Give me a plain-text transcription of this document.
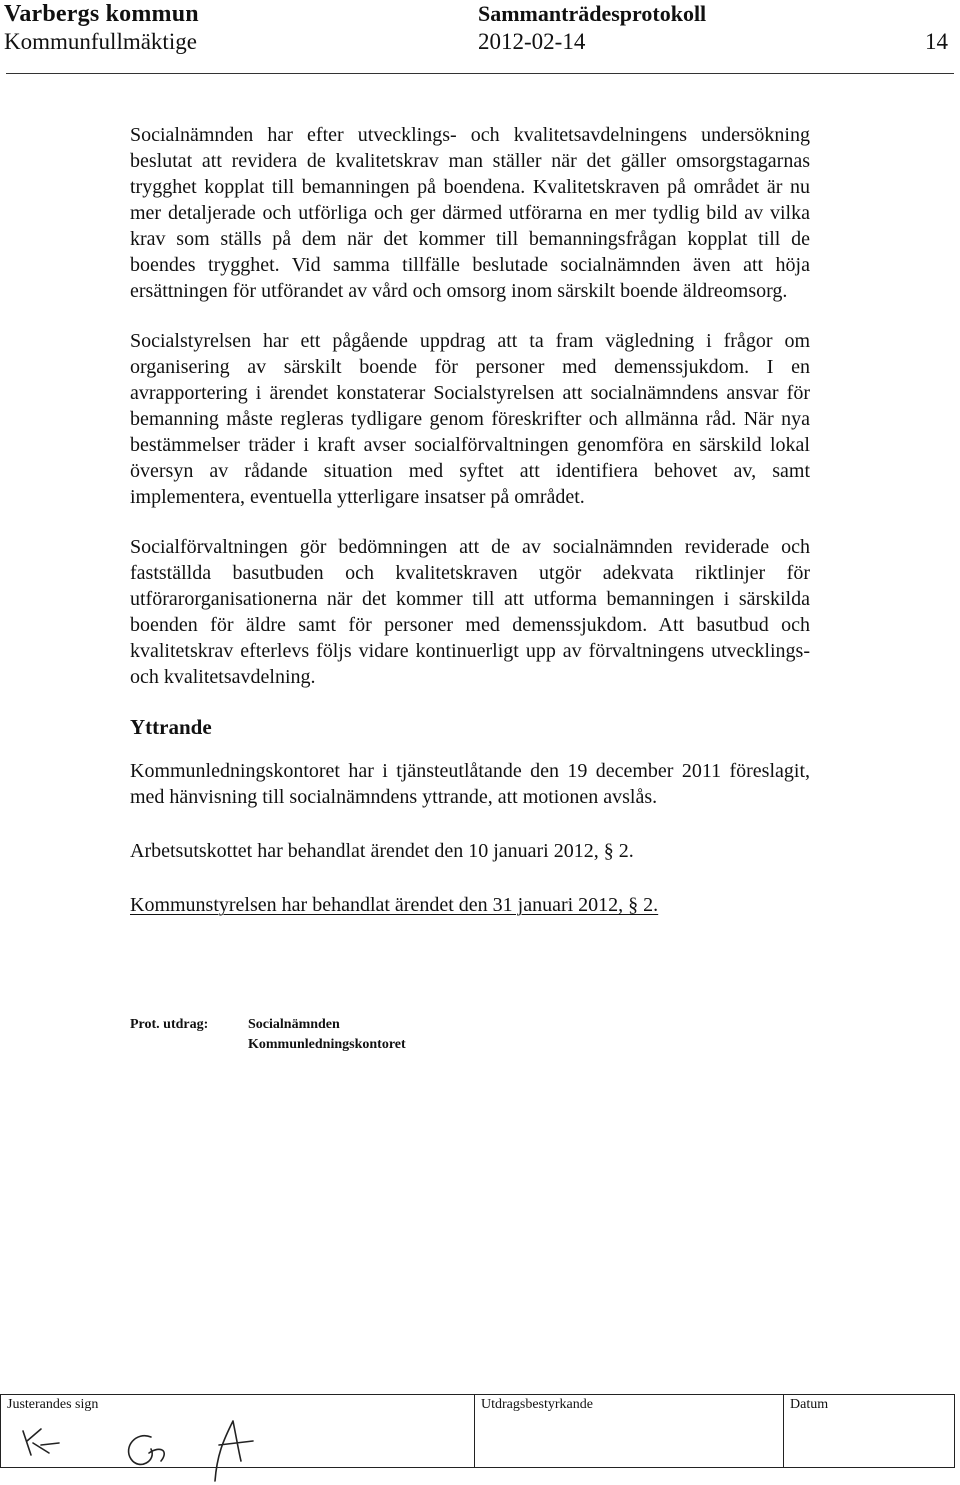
Varbergs kommun
Kommunfullmäktige
Sammanträdesprotokoll
2012-02-14	14

Socialnämnden har efter utvecklings- och kvalitetsavdelningens undersökning beslutat att revidera de kvalitetskrav man ställer när det gäller omsorgstagarnas trygghet kopplat till bemanningen på boendena. Kvalitetskraven på området är nu mer detaljerade och utförliga och ger därmed utförarna en mer tydlig bild av vilka krav som ställs på dem när det kommer till bemanningsfrågan kopplat till de boendes trygghet. Vid samma tillfälle beslutade socialnämnden även att höja ersättningen för utförandet av vård och omsorg inom särskilt boende äldreomsorg.

Socialstyrelsen har ett pågående uppdrag att ta fram vägledning i frågor om organisering av särskilt boende för personer med demenssjukdom. I en avrapportering i ärendet konstaterar Socialstyrelsen att socialnämndens ansvar för bemanning måste regleras tydligare genom föreskrifter och allmänna råd. När nya bestämmelser träder i kraft avser socialförvaltningen genomföra en särskild lokal översyn av rådande situation med syftet att identifiera behovet av, samt implementera, eventuella ytterligare insatser på området.

Socialförvaltningen gör bedömningen att de av socialnämnden reviderade och fastställda basutbuden och kvalitetskraven utgör adekvata riktlinjer för utförarorganisationerna när det kommer till att utforma bemanningen i särskilda boenden för äldre samt för personer med demenssjukdom. Att basutbud och kvalitetskrav efterlevs följs vidare kontinuerligt upp av förvaltningens utvecklings- och kvalitetsavdelning.

Yttrande

Kommunledningskontoret har i tjänsteutlåtande den 19 december 2011 föreslagit, med hänvisning till socialnämndens yttrande, att motionen avslås.

Arbetsutskottet har behandlat ärendet den 10 januari 2012, § 2.

Kommunstyrelsen har behandlat ärendet den 31 januari 2012, § 2.

Prot. utdrag:	Socialnämnden
Kommunledningskontoret
Justerandes sign	Utdragsbestyrkande	Datum
